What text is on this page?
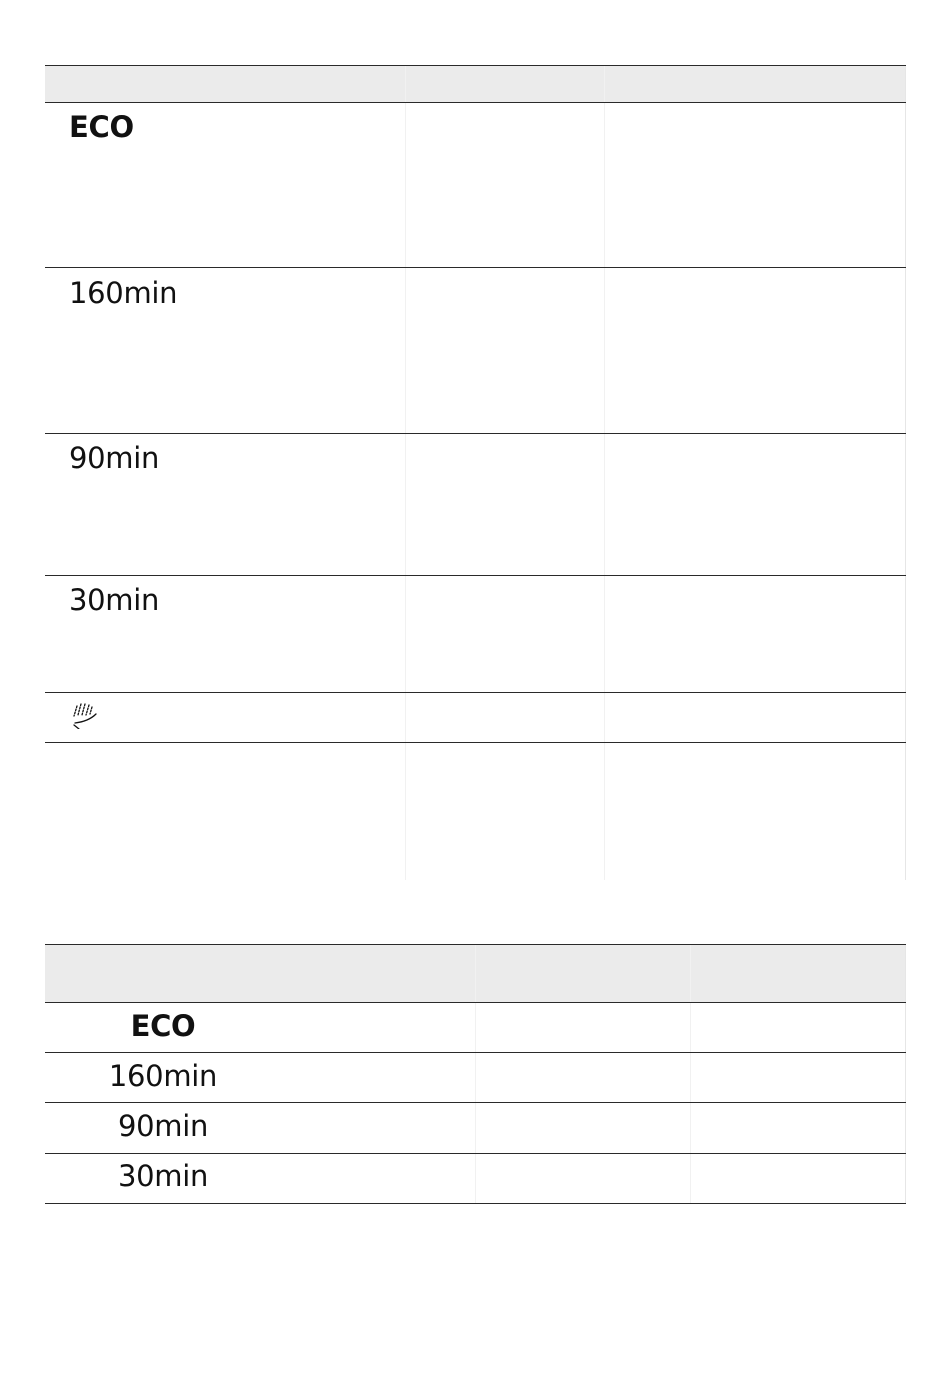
ECO
160min
90min
30min
ECO
160min
90min
30min
